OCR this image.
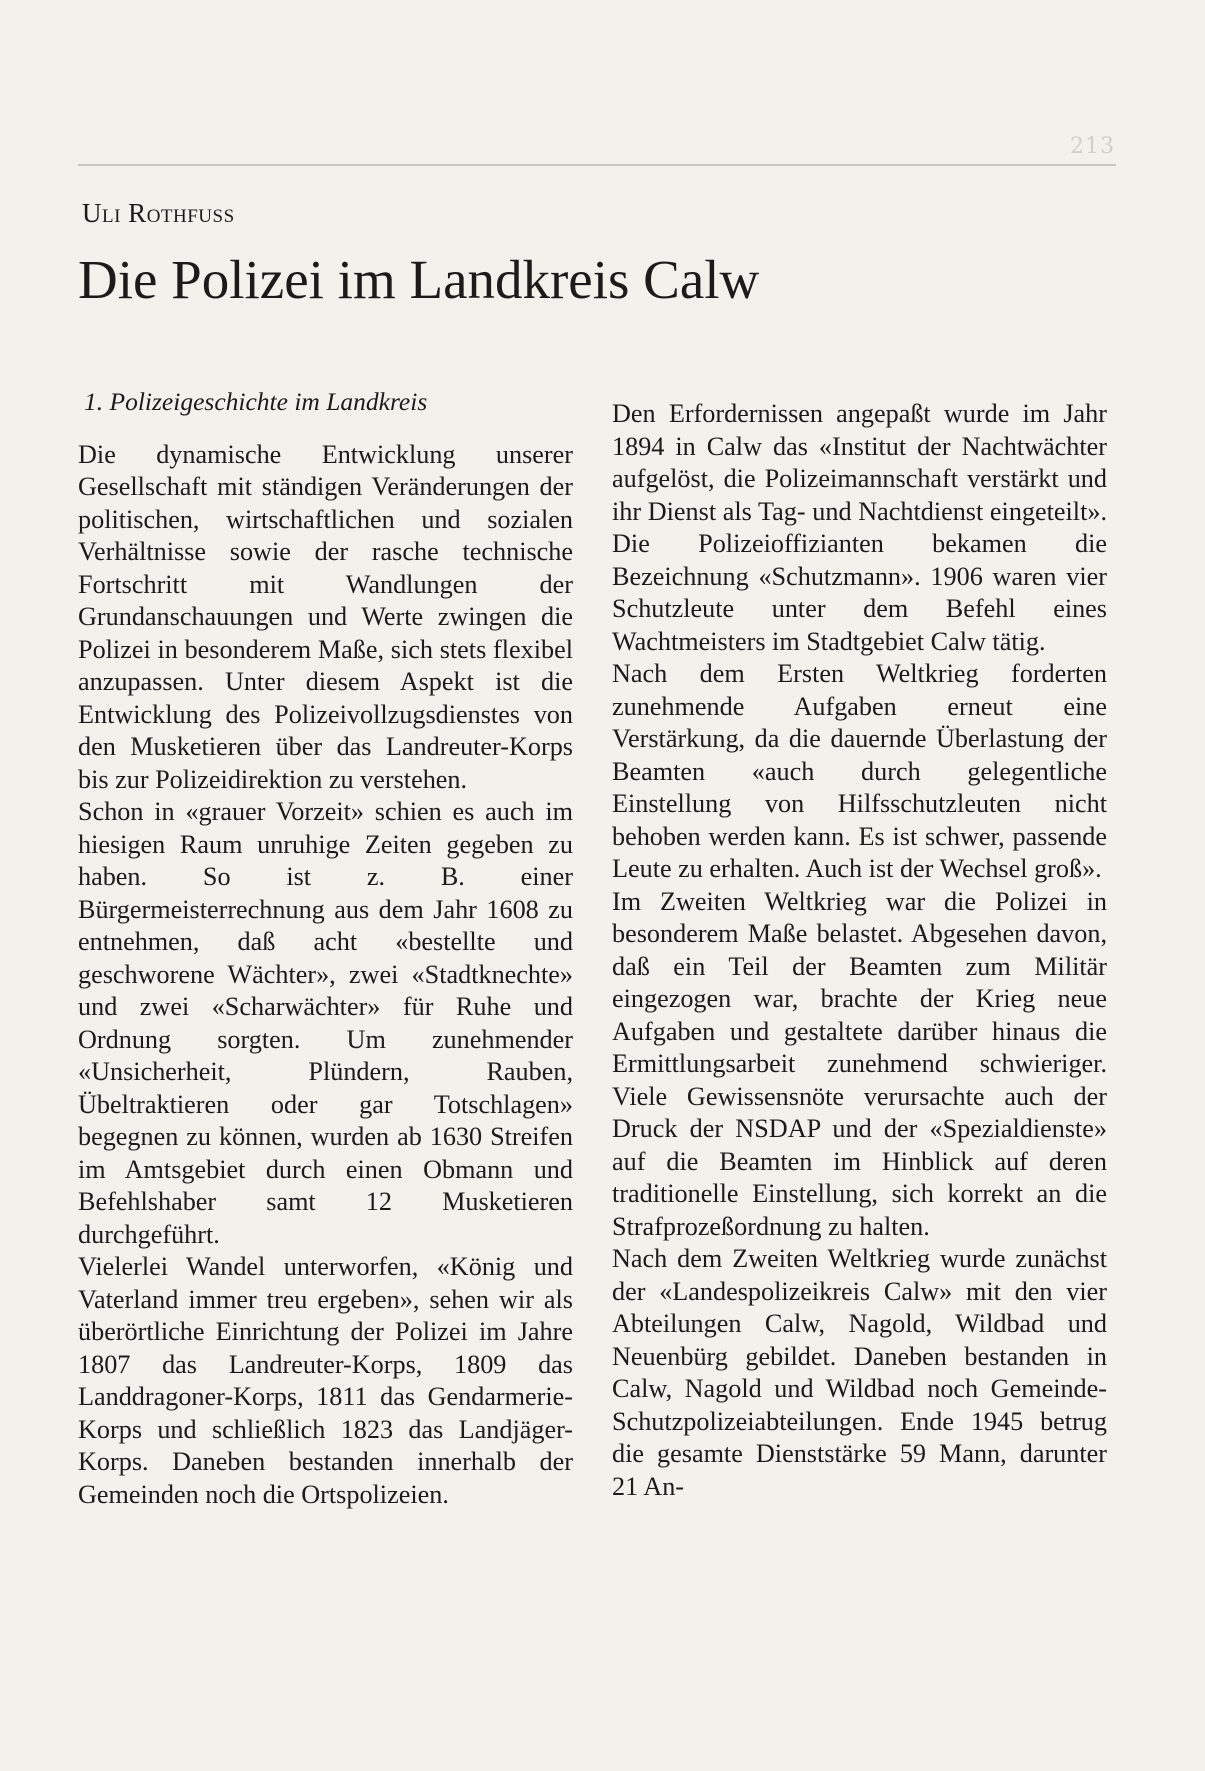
213
Uli Rothfuss
Die Polizei im Landkreis Calw

1. Polizeigeschichte im Landkreis

Die dynamische Entwicklung unserer Gesellschaft mit ständigen Veränderungen der politischen, wirtschaftlichen und sozialen Verhältnisse sowie der rasche technische Fortschritt mit Wandlungen der Grundanschauungen und Werte zwingen die Polizei in besonderem Maße, sich stets flexibel anzupassen. Unter diesem Aspekt ist die Entwicklung des Polizeivollzugsdienstes von den Musketieren über das Landreuter-Korps bis zur Polizeidirektion zu verstehen.

Schon in «grauer Vorzeit» schien es auch im hiesigen Raum unruhige Zeiten gegeben zu haben. So ist z. B. einer Bürgermeisterrechnung aus dem Jahr 1608 zu entnehmen, daß acht «bestellte und geschworene Wächter», zwei «Stadtknechte» und zwei «Scharwächter» für Ruhe und Ordnung sorgten. Um zunehmender «Unsicherheit, Plündern, Rauben, Übeltraktieren oder gar Totschlagen» begegnen zu können, wurden ab 1630 Streifen im Amtsgebiet durch einen Obmann und Befehlshaber samt 12 Musketieren durchgeführt.

Vielerlei Wandel unterworfen, «König und Vaterland immer treu ergeben», sehen wir als überörtliche Einrichtung der Polizei im Jahre 1807 das Landreuter-Korps, 1809 das Landdragoner-Korps, 1811 das Gendarmerie-Korps und schließlich 1823 das Landjäger-Korps. Daneben bestanden innerhalb der Gemeinden noch die Ortspolizeien.

Den Erfordernissen angepaßt wurde im Jahr 1894 in Calw das «Institut der Nachtwächter aufgelöst, die Polizeimannschaft verstärkt und ihr Dienst als Tag- und Nachtdienst eingeteilt». Die Polizeioffizianten bekamen die Bezeichnung «Schutzmann». 1906 waren vier Schutzleute unter dem Befehl eines Wachtmeisters im Stadtgebiet Calw tätig.

Nach dem Ersten Weltkrieg forderten zunehmende Aufgaben erneut eine Verstärkung, da die dauernde Überlastung der Beamten «auch durch gelegentliche Einstellung von Hilfsschutzleuten nicht behoben werden kann. Es ist schwer, passende Leute zu erhalten. Auch ist der Wechsel groß».

Im Zweiten Weltkrieg war die Polizei in besonderem Maße belastet. Abgesehen davon, daß ein Teil der Beamten zum Militär eingezogen war, brachte der Krieg neue Aufgaben und gestaltete darüber hinaus die Ermittlungsarbeit zunehmend schwieriger. Viele Gewissensnöte verursachte auch der Druck der NSDAP und der «Spezialdienste» auf die Beamten im Hinblick auf deren traditionelle Einstellung, sich korrekt an die Strafprozeßordnung zu halten.

Nach dem Zweiten Weltkrieg wurde zunächst der «Landespolizeikreis Calw» mit den vier Abteilungen Calw, Nagold, Wildbad und Neuenbürg gebildet. Daneben bestanden in Calw, Nagold und Wildbad noch Gemeinde-Schutzpolizeiabteilungen. Ende 1945 betrug die gesamte Dienststärke 59 Mann, darunter 21 An-
